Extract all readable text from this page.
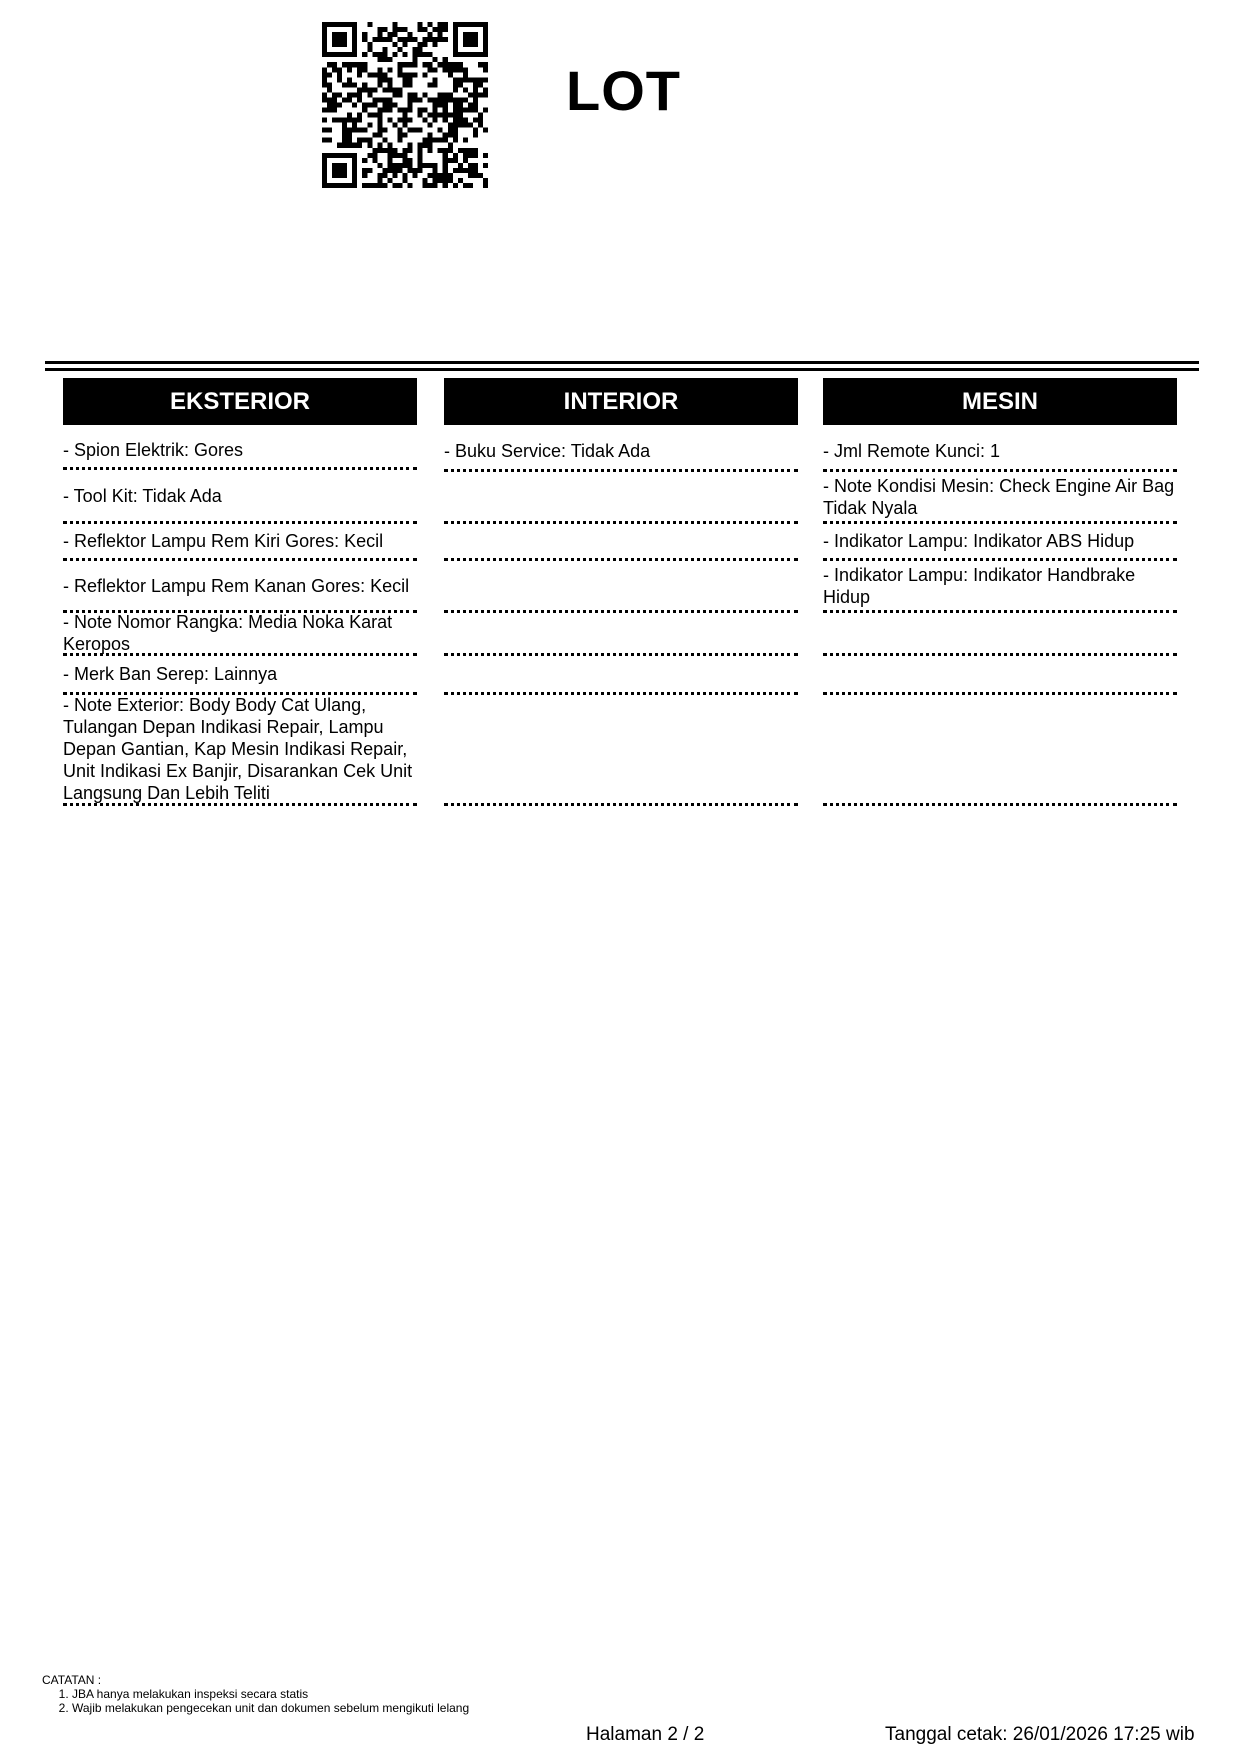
LOT
EKSTERIOR
- Spion Elektrik: Gores
- Tool Kit: Tidak Ada
- Reflektor Lampu Rem Kiri Gores: Kecil
- Reflektor Lampu Rem Kanan Gores: Kecil
- Note Nomor Rangka: Media Noka Karat Keropos
- Merk Ban Serep: Lainnya
- Note Exterior: Body Body Cat Ulang, Tulangan Depan Indikasi Repair, Lampu Depan Gantian, Kap Mesin Indikasi Repair, Unit Indikasi Ex Banjir, Disarankan Cek Unit Langsung Dan Lebih Teliti
INTERIOR
- Buku Service: Tidak Ada
MESIN
- Jml Remote Kunci: 1
- Note Kondisi Mesin: Check Engine Air Bag Tidak Nyala
- Indikator Lampu: Indikator ABS Hidup
- Indikator Lampu: Indikator Handbrake Hidup
CATATAN :
1. JBA hanya melakukan inspeksi secara statis
2. Wajib melakukan pengecekan unit dan dokumen sebelum mengikuti lelang
Halaman 2 / 2	Tanggal cetak: 26/01/2026 17:25 wib
